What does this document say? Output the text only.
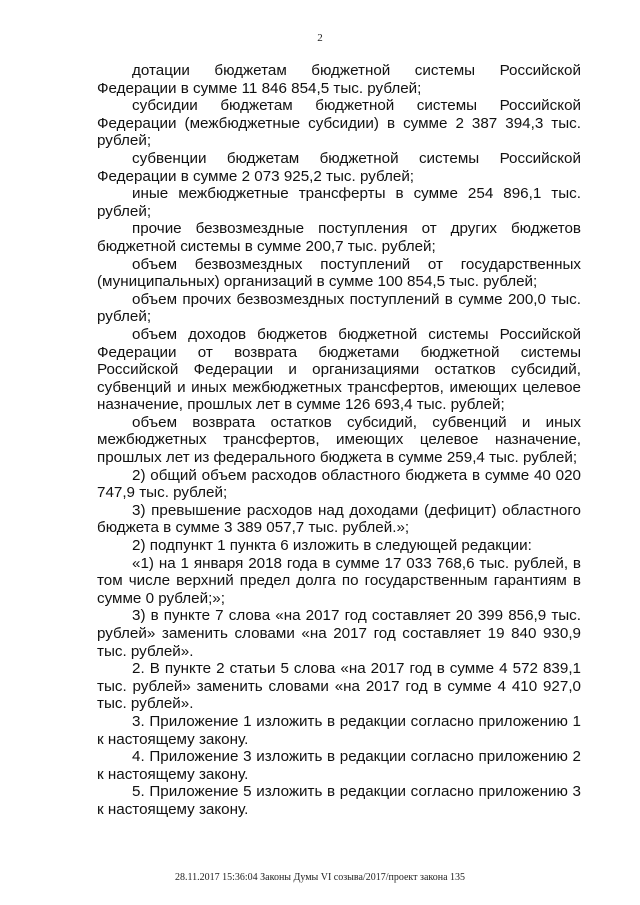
2

дотации бюджетам бюджетной системы Российской Федерации в сумме 11 846 854,5 тыс. рублей;

субсидии бюджетам бюджетной системы Российской Федерации (межбюджетные субсидии) в сумме 2 387 394,3 тыс. рублей;

субвенции бюджетам бюджетной системы Российской Федерации в сумме 2 073 925,2 тыс. рублей;

иные межбюджетные трансферты в сумме 254 896,1 тыс. рублей;

прочие безвозмездные поступления от других бюджетов бюджетной системы в сумме 200,7 тыс. рублей;

объем безвозмездных поступлений от государственных (муниципальных) организаций в сумме 100 854,5 тыс. рублей;

объем прочих безвозмездных поступлений в сумме 200,0 тыс. рублей;

объем доходов бюджетов бюджетной системы Российской Федерации от возврата бюджетами бюджетной системы Российской Федерации и организациями остатков субсидий, субвенций и иных межбюджетных трансфертов, имеющих целевое назначение, прошлых лет в сумме 126 693,4 тыс. рублей;

объем возврата остатков субсидий, субвенций и иных межбюджетных трансфертов, имеющих целевое назначение, прошлых лет из федерального бюджета в сумме 259,4 тыс. рублей;

2) общий объем расходов областного бюджета в сумме 40 020 747,9 тыс. рублей;

3) превышение расходов над доходами (дефицит) областного бюджета в сумме 3 389 057,7 тыс. рублей.»;

2) подпункт 1 пункта 6 изложить в следующей редакции:

«1) на 1 января 2018 года в сумме 17 033 768,6 тыс. рублей, в том числе верхний предел долга по государственным гарантиям в сумме 0 рублей;»;

3) в пункте 7 слова «на 2017 год составляет 20 399 856,9 тыс. рублей» заменить словами «на 2017 год составляет 19 840 930,9 тыс. рублей».

2. В пункте 2 статьи 5 слова «на 2017 год в сумме 4 572 839,1 тыс. рублей» заменить словами «на 2017 год в сумме 4 410 927,0 тыс. рублей».

3. Приложение 1 изложить в редакции согласно приложению 1 к настоящему закону.

4. Приложение 3 изложить в редакции согласно приложению 2 к настоящему закону.

5. Приложение 5 изложить в редакции согласно приложению 3 к настоящему закону.

28.11.2017 15:36:04 Законы Думы VI созыва/2017/проект закона 135
